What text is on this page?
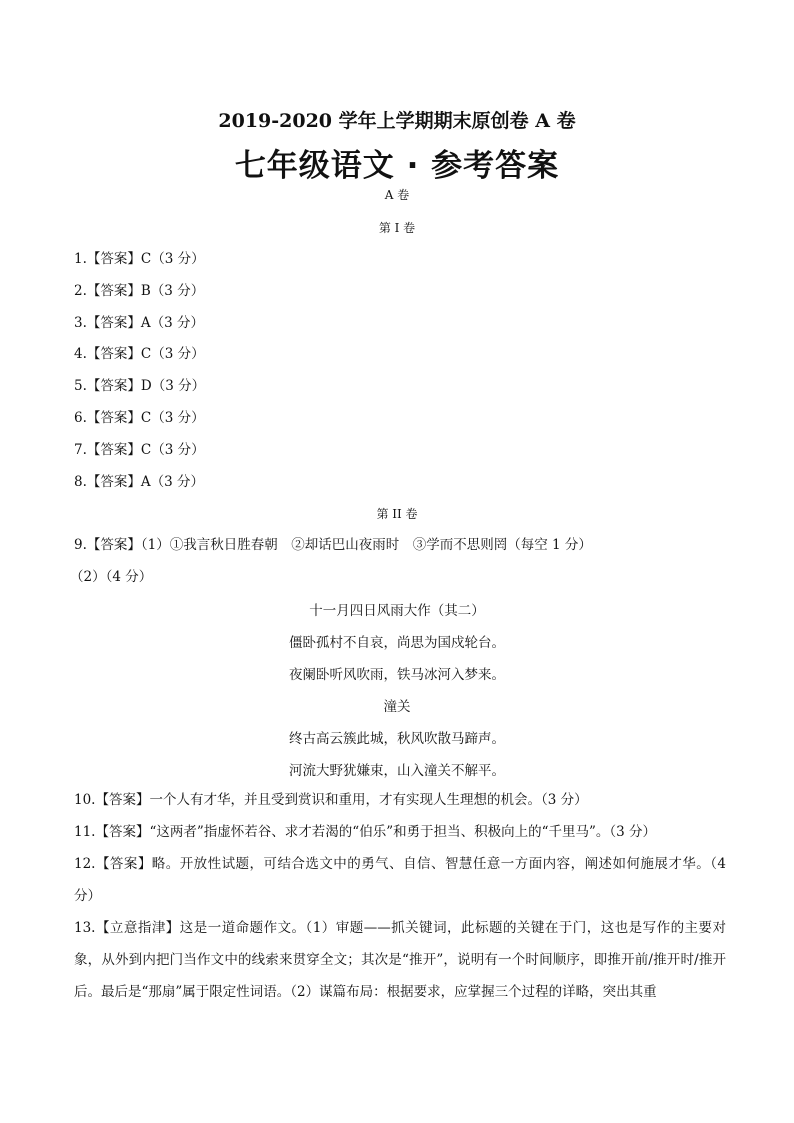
2019-2020 学年上学期期末原创卷 A 卷
七年级语文 · 参考答案
A 卷
第 I 卷
1.【答案】C（3 分）
2.【答案】B（3 分）
3.【答案】A（3 分）
4.【答案】C（3 分）
5.【答案】D（3 分）
6.【答案】C（3 分）
7.【答案】C（3 分）
8.【答案】A（3 分）
第 II 卷
9.【答案】（1）①我言秋日胜春朝　②却话巴山夜雨时　③学而不思则罔（每空 1 分）
（2）（4 分）
十一月四日风雨大作（其二）
僵卧孤村不自哀，尚思为国戍轮台。
夜阑卧听风吹雨，铁马冰河入梦来。
潼关
终古高云簇此城，秋风吹散马蹄声。
河流大野犹嫌束，山入潼关不解平。
10.【答案】一个人有才华，并且受到赏识和重用，才有实现人生理想的机会。（3 分）
11.【答案】“这两者”指虚怀若谷、求才若渴的“伯乐”和勇于担当、积极向上的“千里马”。（3 分）
12.【答案】略。开放性试题，可结合选文中的勇气、自信、智慧任意一方面内容，阐述如何施展才华。（4 分）
13.【立意指津】这是一道命题作文。（1）审题——抓关键词，此标题的关键在于门，这也是写作的主要对象，从外到内把门当作文中的线索来贯穿全文；其次是“推开”，说明有一个时间顺序，即推开前/推开时/推开后。最后是“那扇”属于限定性词语。（2）谋篇布局：根据要求，应掌握三个过程的详略，突出其重
